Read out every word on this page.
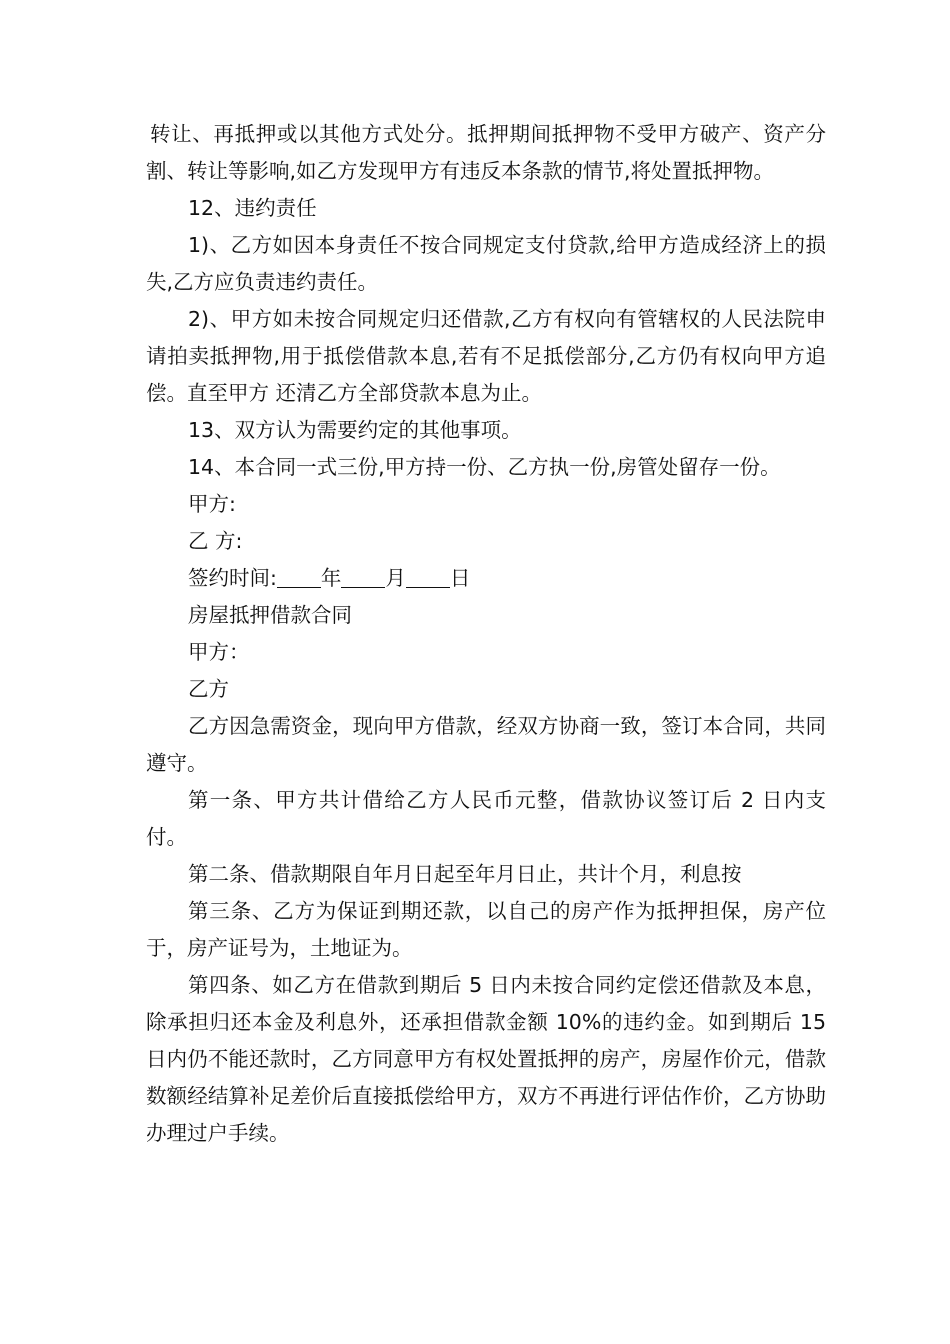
转让、再抵押或以其他方式处分。抵押期间抵押物不受甲方破产、资产分割、转让等影响,如乙方发现甲方有违反本条款的情节,将处置抵押物。

12、违约责任

1)、乙方如因本身责任不按合同规定支付贷款,给甲方造成经济上的损失,乙方应负责违约责任。

2)、甲方如未按合同规定归还借款,乙方有权向有管辖权的人民法院申请拍卖抵押物,用于抵偿借款本息,若有不足抵偿部分,乙方仍有权向甲方追偿。直至甲方 还清乙方全部贷款本息为止。

13、双方认为需要约定的其他事项。

14、本合同一式三份,甲方持一份、乙方执一份,房管处留存一份。

甲方:

乙 方:

签约时间: 年 月 日

房屋抵押借款合同

甲方：

乙方

乙方因急需资金，现向甲方借款，经双方协商一致，签订本合同，共同遵守。

第一条、甲方共计借给乙方人民币元整，借款协议签订后 2 日内支付。

第二条、借款期限自年月日起至年月日止，共计个月，利息按

第三条、乙方为保证到期还款，以自己的房产作为抵押担保，房产位于，房产证号为，土地证为。

第四条、如乙方在借款到期后 5 日内未按合同约定偿还借款及本息，除承担归还本金及利息外，还承担借款金额 10%的违约金。如到期后 15 日内仍不能还款时，乙方同意甲方有权处置抵押的房产，房屋作价元，借款数额经结算补足差价后直接抵偿给甲方，双方不再进行评估作价，乙方协助办理过户手续。
